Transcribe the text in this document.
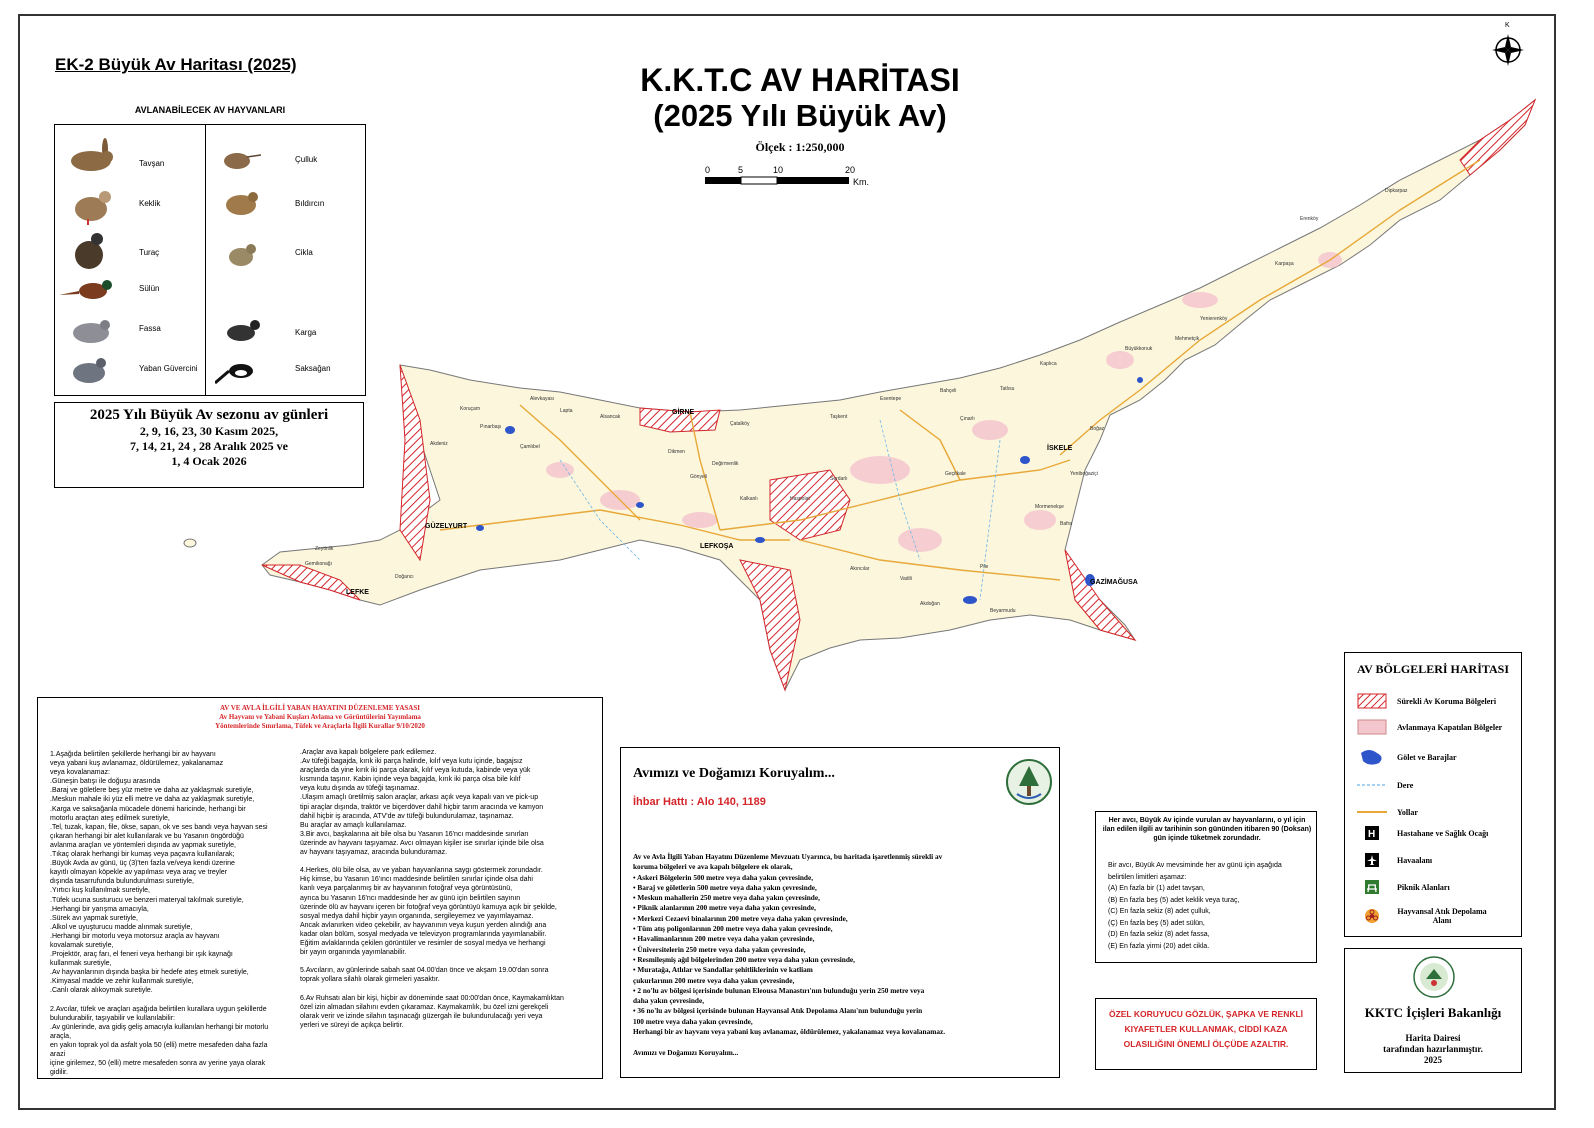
EK-2 Büyük Av Haritası (2025)	K.K.T.C AV HARİTASI
(2025 Yılı Büyük Av)
Ölçek : 1:250,000
0	5	10	20
Km.
K
AVLANABİLECEK AV HAYVANLARI
Tavşan
Keklik
Turaç
Sülün
Fassa
Yaban Güvercini
Çulluk
Bıldırcın
Cikla
Karga
Saksağan
2025 Yılı Büyük Av sezonu av günleri
2, 9, 16, 23, 30 Kasım 2025,
7, 14, 21, 24 , 28 Aralık 2025 ve
1, 4 Ocak 2026
GİRNE
LEFKOŞA
GÜZELYURT
GAZİMAĞUSA
İSKELE
LEFKE
Dipkarpaz
Yenierenköy
Mehmetçik
Büyükkonuk
Kaplıca
Tatlısu
Esentepe
Bahçeli
Çatalköy
Alsancak
Lapta
Koruçam
Akdeniz	Çamlıbel
Değirmenlik
Geçitkale
Akdoğan
Vadili
Beyarmudu
Pile
Boğaz
Yeniboğaziçi
Erenköy
Gemikonağı
Doğancı
Bafra
Taşkent
Alevkayası
Karpaşa
Çınarlı
Mormenekşe
Pınarbaşı
Serdarlı
Haspolat
Dikmen
Gönyeli
Akıncılar
Kalkanlı
Zeytinlik
AV VE AVLA İLGİLİ YABAN HAYATINI DÜZENLEME YASASI
Av Hayvanı ve Yabani Kuşları Avlama ve Görüntülerini Yayımlama
Yöntemlerinde Sınırlama, Tüfek ve Araçlarla İlgili Kurallar 9/10/2020
1.Aşağıda belirtilen şekillerde herhangi bir av hayvanı
veya yabani kuş avlanamaz, öldürülemez, yakalanamaz
veya kovalanamaz:
.Güneşin batışı ile doğuşu arasında
.Baraj ve göletlere beş yüz metre ve daha az yaklaşmak suretiyle,
.Meskun mahale iki yüz elli metre ve daha az yaklaşmak suretiyle,
.Karga ve saksağanla mücadele dönemi haricinde, herhangi bir
motorlu araçtan ateş edilmek suretiyle,
.Tel, tuzak, kapan, file, ökse, sapan, ok ve ses bandı veya hayvan sesi
çıkaran herhangi bir alet kullanılarak ve bu Yasanın öngördüğü
avlanma araçları ve yöntemleri dışında av yapmak suretiyle,
.Tıkaç olarak herhangi bir kumaş veya paçavra kullanılarak;
.Büyük Avda av günü, üç (3)'ten fazla ve/veya kendi üzerine
kayıtlı olmayan köpekle av yapılması veya araç ve treyler
dışında tasarrufunda bulundurulması suretiyle,
.Yırtıcı kuş kullanılmak suretiyle,
.Tüfek ucuna susturucu ve benzeri materyal takılmak suretiyle,
.Herhangi bir yarışma amacıyla,
.Sürek avı yapmak suretiyle,
.Alkol ve uyuşturucu madde alınmak suretiyle,
.Herhangi bir motorlu veya motorsuz araçla av hayvanı
kovalamak suretiyle,
.Projektör, araç farı, el feneri veya herhangi bir ışık kaynağı
kullanmak suretiyle,
.Av hayvanlarının dışında başka bir hedefe ateş etmek suretiyle,
.Kimyasal madde ve zehir kullanmak suretiyle,
.Canlı olarak alıkoymak suretiyle.

2.Avcılar, tüfek ve araçları aşağıda belirtilen kurallara uygun şekillerde
bulundurabilir, taşıyabilir ve kullanılabilir:
.Av günlerinde, ava gidiş geliş amacıyla kullanılan herhangi bir motorlu
araçla,
en yakın toprak yol da asfalt yola 50 (elli) metre mesafeden daha fazla
arazi
içine girilemez, 50 (elli) metre mesafeden sonra av yerine yaya olarak
gidilir.
.Araçlar ava kapalı bölgelere park edilemez.
.Av tüfeği bagajda, kırık iki parça halinde, kılıf veya kutu içinde, bagajsız
araçlarda da yine kırık iki parça olarak, kılıf veya kutuda, kabinde veya yük
kısmında taşınır. Kabin içinde veya bagajda, kırık iki parça olsa bile kılıf
veya kutu dışında av tüfeği taşınamaz.
.Ulaşım amaçlı üretilmiş salon araçlar, arkası açık veya kapalı van ve pick-up
tipi araçlar dışında, traktör ve biçerdöver dahil hiçbir tarım aracında ve kamyon
dahil hiçbir iş aracında, ATV'de av tüfeği bulundurulamaz, taşınamaz.
Bu araçlar av amaçlı kullanılamaz.
3.Bir avcı, başkalarına ait bile olsa bu Yasanın 16'ncı maddesinde sınırları
üzerinde av hayvanı taşıyamaz. Avcı olmayan kişiler ise sınırlar içinde bile olsa
av hayvanı taşıyamaz, aracında bulunduramaz.

4.Herkes, ölü bile olsa, av ve yaban hayvanlarına saygı göstermek zorundadır.
Hiç kimse, bu Yasanın 16'ıncı maddesinde belirtilen sınırlar içinde olsa dahi
kanlı veya parçalanmış bir av hayvanının fotoğraf veya görüntüsünü,
ayrıca bu Yasanın 16'ncı maddesinde her av günü için belirtilen sayının
üzerinde ölü av hayvanı içeren bir fotoğraf veya görüntüyü kamuya açık bir şekilde,
sosyal medya dahil hiçbir yayın organında, sergileyemez ve yayımlayamaz.
Ancak avlanırken video çekebilir, av hayvanının veya kuşun yerden alındığı ana
kadar olan bölüm, sosyal medyada ve televizyon programlarında yayımlanabilir.
Eğitim avlaklarında çekilen görüntüler ve resimler de sosyal medya ve herhangi
bir yayın organında yayımlanabilir.

5.Avcıların, av günlerinde sabah saat 04.00'dan önce ve akşam 19.00'dan sonra
toprak yollara silahlı olarak girmeleri yasaktır.

6.Av Ruhsatı alan bir kişi, hiçbir av döneminde saat 00:00'dan önce, Kaymakamlıktan
özel izin almadan silahını evden çıkaramaz. Kaymakamlık, bu özel izni gerekçeli
olarak verir ve izinde silahın taşınacağı güzergah ile bulundurulacağı yeri veya
yerleri ve süreyi de açıkça belirtir.
Avımızı ve Doğamızı Koruyalım...
İhbar Hattı : Alo 140, 1189
Av ve Avla İlgili Yaban Hayatını Düzenleme Mevzuatı Uyarınca, bu haritada işaretlenmiş sürekli av
koruma bölgeleri ve ava kapalı bölgelere ek olarak,
• Askeri Bölgelerin 500 metre veya daha yakın çevresinde,
• Baraj ve göletlerin 500 metre veya daha yakın çevresinde,
• Meskun mahallerin 250 metre veya daha yakın çevresinde,
• Piknik alanlarının 200 metre veya daha yakın çevresinde,
• Merkezi Cezaevi binalarının 200 metre veya daha yakın çevresinde,
• Tüm atış poligonlarının 200 metre veya daha yakın çevresinde,
• Havalimanlarının 200 metre veya daha yakın çevresinde,
• Üniversitelerin 250 metre veya daha yakın çevresinde,
• Resmileşmiş ağıl bölgelerinden 200 metre veya daha yakın çevresinde,
• Murataĝa, Atlılar ve Sandallar şehitliklerinin ve katliam
çukurlarının 200 metre veya daha yakın çevresinde,
• 2 no'lu av bölgesi içerisinde bulunan Eleousa Manastırı'nın bulunduğu yerin 250 metre veya
daha yakın çevresinde,
• 36 no'lu av bölgesi içerisinde bulunan Hayvansal Atık Depolama Alanı'nın bulunduğu yerin
100 metre veya daha yakın çevresinde,
Herhangi bir av hayvanı veya yabani kuş avlanamaz, öldürülemez, yakalanamaz veya kovalanamaz.

Avımızı ve Doğamızı Koruyalım...
Her avcı, Büyük Av içinde vurulan av hayvanlarını, o yıl için ilan edilen ilgili av tarihinin son gününden itibaren 90 (Doksan) gün içinde tüketmek zorundadır.
Bir avcı, Büyük Av mevsiminde her av günü için aşağıda
belirtilen limitleri aşamaz:
(A) En fazla bir (1) adet tavşan,
(B) En fazla beş (5) adet keklik veya turaç,
(C) En fazla sekiz (8) adet çulluk,
(Ç) En fazla beş (5) adet sülün,
(D) En fazla sekiz (8) adet fassa,
(E) En fazla yirmi (20) adet cikla.
ÖZEL KORUYUCU GÖZLÜK, ŞAPKA VE RENKLİ
KIYAFETLER KULLANMAK, CİDDİ KAZA
OLASILIĞINI ÖNEMLİ ÖLÇÜDE AZALTIR.
AV BÖLGELERİ HARİTASI
Sürekli Av Koruma Bölgeleri
Avlanmaya Kapatılan Bölgeler
Gölet ve Barajlar
Dere
Yollar
H	Hastahane ve Sağlık Ocağı
Havaalanı
Piknik Alanları
Hayvansal Atık Depolama Alanı
KKTC İçişleri Bakanlığı
Harita Dairesi
tarafından hazırlanmıştır.
2025
